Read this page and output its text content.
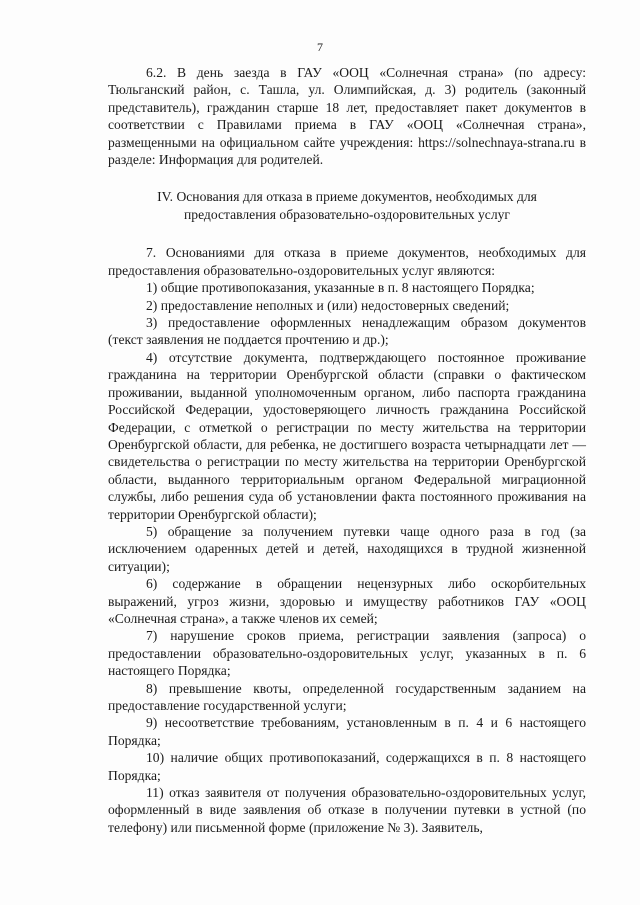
7

6.2. В день заезда в ГАУ «ООЦ «Солнечная страна» (по адресу: Тюльганский район, с. Ташла, ул. Олимпийская, д. 3) родитель (законный представитель), гражданин старше 18 лет, предоставляет пакет документов в соответствии с Правилами приема в ГАУ «ООЦ «Солнечная страна», размещенными на официальном сайте учреждения: https://solnechnaya-strana.ru в разделе: Информация для родителей.

IV. Основания для отказа в приеме документов, необходимых для предоставления образовательно-оздоровительных услуг

7. Основаниями для отказа в приеме документов, необходимых для предоставления образовательно-оздоровительных услуг являются:

1) общие противопоказания, указанные в п. 8 настоящего Порядка;

2) предоставление неполных и (или) недостоверных сведений;

3) предоставление оформленных ненадлежащим образом документов (текст заявления не поддается прочтению и др.);

4) отсутствие документа, подтверждающего постоянное проживание гражданина на территории Оренбургской области (справки о фактическом проживании, выданной уполномоченным органом, либо паспорта гражданина Российской Федерации, удостоверяющего личность гражданина Российской Федерации, с отметкой о регистрации по месту жительства на территории Оренбургской области, для ребенка, не достигшего возраста четырнадцати лет — свидетельства о регистрации по месту жительства на территории Оренбургской области, выданного территориальным органом Федеральной миграционной службы, либо решения суда об установлении факта постоянного проживания на территории Оренбургской области);

5) обращение за получением путевки чаще одного раза в год (за исключением одаренных детей и детей, находящихся в трудной жизненной ситуации);

6) содержание в обращении нецензурных либо оскорбительных выражений, угроз жизни, здоровью и имуществу работников ГАУ «ООЦ «Солнечная страна», а также членов их семей;

7) нарушение сроков приема, регистрации заявления (запроса) о предоставлении образовательно-оздоровительных услуг, указанных в п. 6 настоящего Порядка;

8) превышение квоты, определенной государственным заданием на предоставление государственной услуги;

9) несоответствие требованиям, установленным в п. 4 и 6 настоящего Порядка;

10) наличие общих противопоказаний, содержащихся в п. 8 настоящего Порядка;

11) отказ заявителя от получения образовательно-оздоровительных услуг, оформленный в виде заявления об отказе в получении путевки в устной (по телефону) или письменной форме (приложение № 3). Заявитель,
